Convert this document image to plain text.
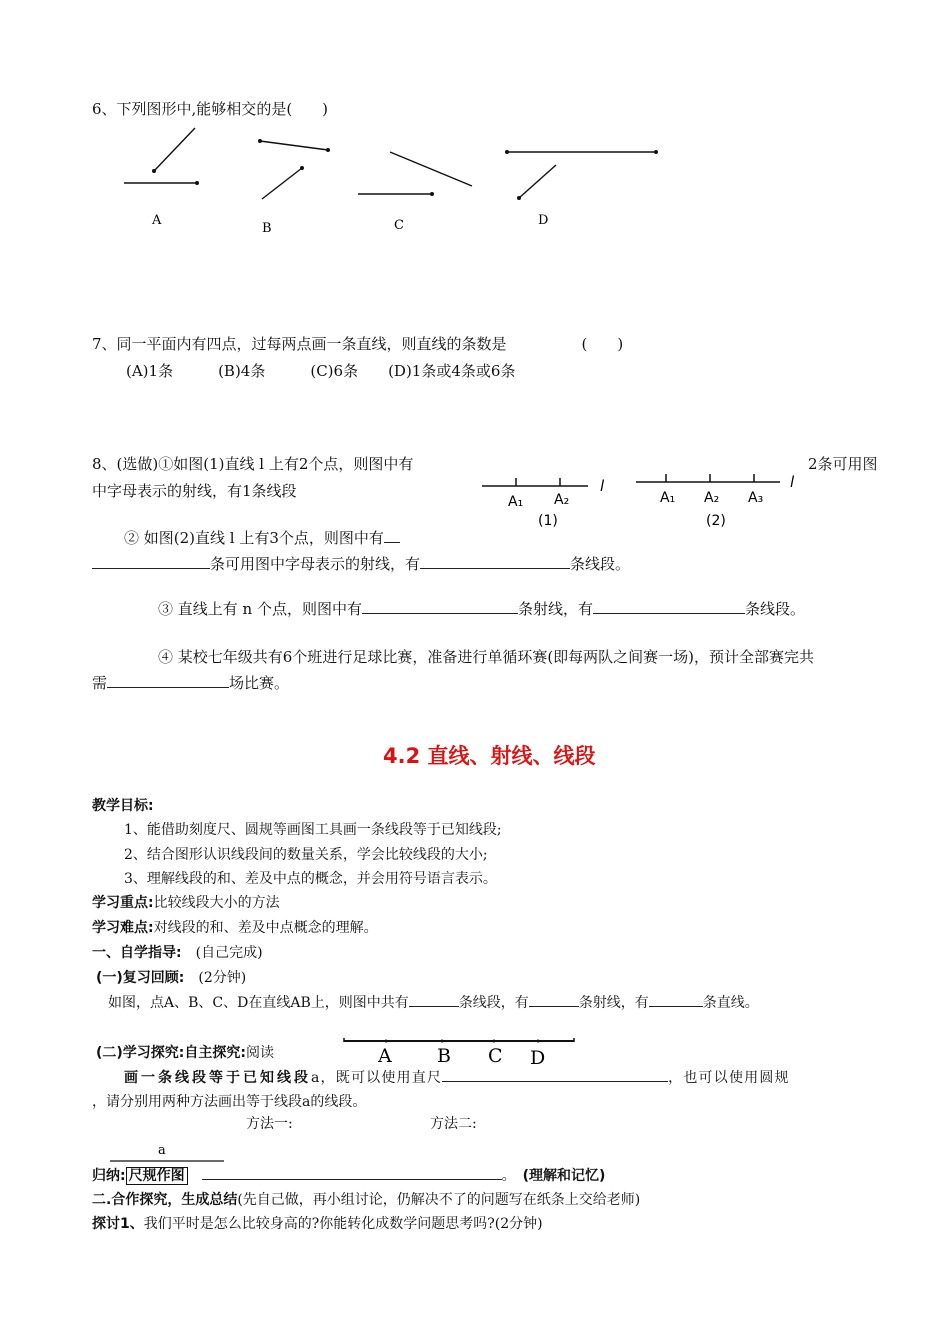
6、下列图形中,能够相交的是(　　)
A
B	C	D
7、同一平面内有四点，过每两点画一条直线，则直线的条数是　　　　　(　　)
(A)1条　　　(B)4条　　　(C)6条　　(D)1条或4条或6条
8、(选做)①如图(1)直线 l 上有2个点，则图中有	2条可用图
中字母表示的射线，有1条线段
A₁ A₂
l
(1)
A₁ A₂ A₃
l
(2)
② 如图(2)直线 l 上有3个点，则图中有
条可用图中字母表示的射线，有	条线段。
③ 直线上有 n 个点，则图中有	条射线，有	条线段。
④ 某校七年级共有6个班进行足球比赛，准备进行单循环赛(即每两队之间赛一场)，预计全部赛完共
需	场比赛。
4.2 直线、射线、线段
教学目标:
1、能借助刻度尺、圆规等画图工具画一条线段等于已知线段;
2、结合图形认识线段间的数量关系，学会比较线段的大小;
3、理解线段的和、差及中点的概念，并会用符号语言表示。
学习重点:比较线段大小的方法
学习难点:对线段的和、差及中点概念的理解。
一、自学指导:　 (自己完成)
(一)复习回顾:　 (2分钟)
如图，点A、B、C、D在直线AB上，则图中共有	条线段，有	条射线，有	条直线。
(二)学习探究:自主探究:阅读	A B C D
画一条线段等于已知线段a，既可以使用直尺	，也可以使用圆规
，请分别用两种方法画出等于线段a的线段。
方法一:	方法二:
a
归纳: 尺规作图　	。　 (理解和记忆)
二.合作探究，生成总结(先自己做，再小组讨论，仍解决不了的问题写在纸条上交给老师)
探讨1、我们平时是怎么比较身高的?你能转化成数学问题思考吗?(2分钟)
